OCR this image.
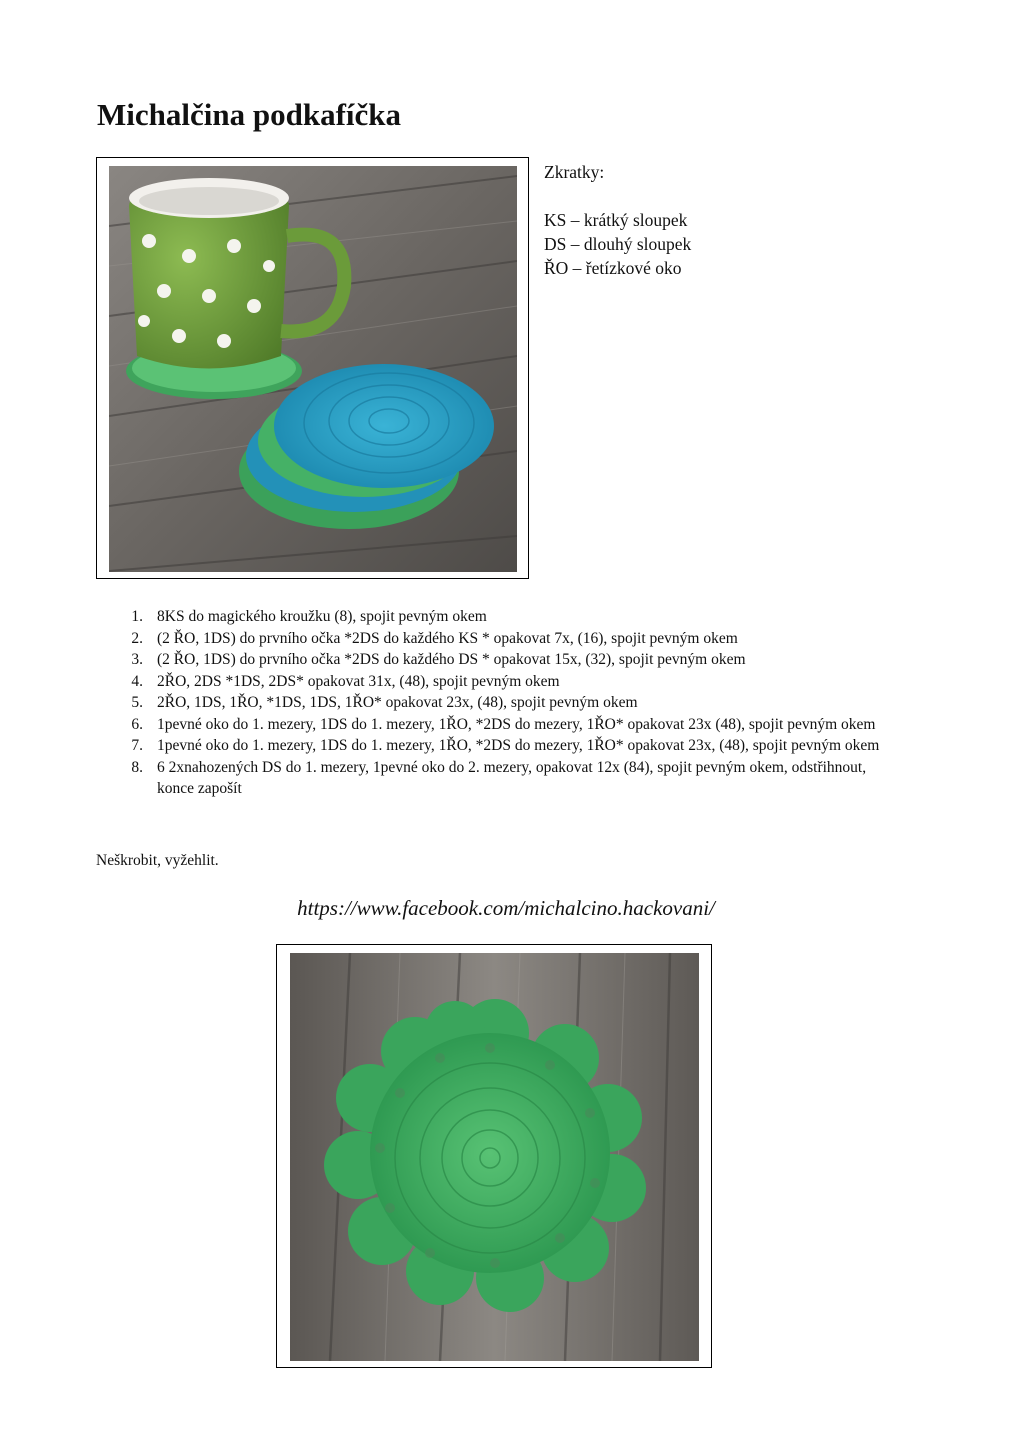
Michalčina podkafíčka

Zkratky:

KS – krátký sloupek

DS – dlouhý sloupek

ŘO – řetízkové oko

1. 8KS do magického kroužku (8), spojit pevným okem
2. (2 ŘO, 1DS) do prvního očka *2DS do každého KS * opakovat 7x, (16), spojit pevným okem
3. (2 ŘO, 1DS) do prvního očka *2DS do každého DS * opakovat 15x, (32), spojit pevným okem
4. 2ŘO, 2DS *1DS, 2DS* opakovat 31x, (48), spojit pevným okem
5. 2ŘO, 1DS, 1ŘO, *1DS, 1DS, 1ŘO* opakovat 23x, (48), spojit pevným okem
6. 1pevné oko do 1. mezery, 1DS do 1. mezery, 1ŘO, *2DS do mezery, 1ŘO* opakovat 23x (48), spojit pevným okem
7. 1pevné oko do 1. mezery, 1DS do 1. mezery, 1ŘO, *2DS do mezery, 1ŘO* opakovat 23x, (48), spojit pevným okem
8. 6 2xnahozených DS do 1. mezery, 1pevné oko do 2. mezery, opakovat 12x (84), spojit pevným okem, odstřihnout, konce zapošít
Neškrobit, vyžehlit.
https://www.facebook.com/michalcino.hackovani/
